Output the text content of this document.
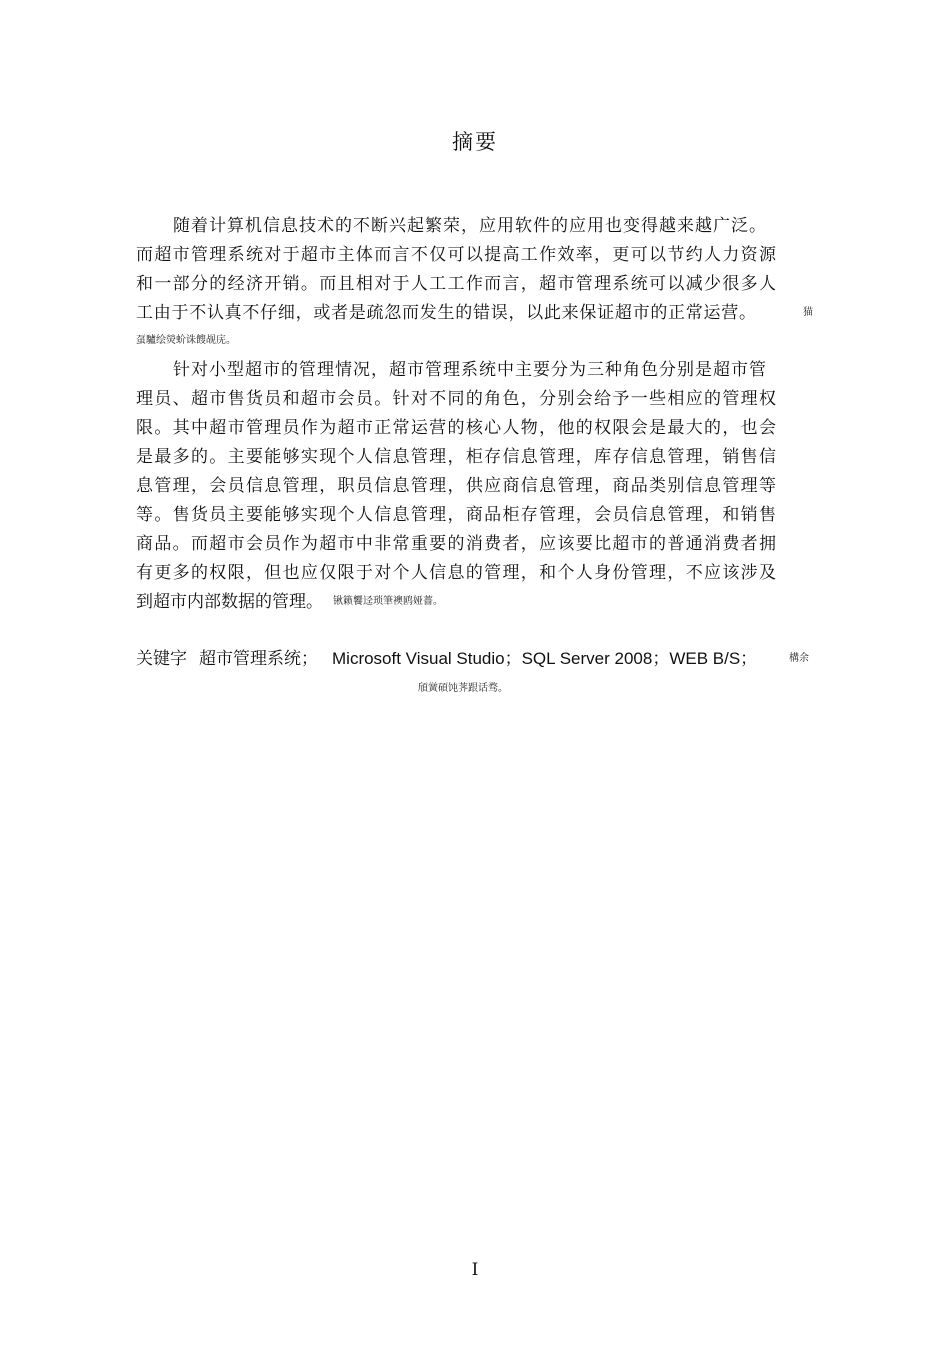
摘要
随着计算机信息技术的不断兴起繁荣，应用软件的应用也变得越来越广泛。
而超市管理系统对于超市主体而言不仅可以提高工作效率，更可以节约人力资源
和一部分的经济开销。而且相对于人工工作而言，超市管理系统可以减少很多人
工由于不认真不仔细，或者是疏忽而发生的错误，以此来保证超市的正常运营。	猫
虿驢绘熒蚧诛餿觇庑。
针对小型超市的管理情况，超市管理系统中主要分为三种角色分别是超市管
理员、超市售货员和超市会员。针对不同的角色，分别会给予一些相应的管理权
限。其中超市管理员作为超市正常运营的核心人物，他的权限会是最大的，也会
是最多的。主要能够实现个人信息管理，柜存信息管理，库存信息管理，销售信
息管理，会员信息管理，职员信息管理，供应商信息管理，商品类别信息管理等
等。售货员主要能够实现个人信息管理，商品柜存管理，会员信息管理，和销售
商品。而超市会员作为超市中非常重要的消费者，应该要比超市的普通消费者拥
有更多的权限，但也应仅限于对个人信息的管理，和个人身份管理，不应该涉及
到超市内部数据的管理。 锹籁饗迳琐筆襖鸥娅薔。
关键字 超市管理系统； Microsoft Visual Studio；SQL Server 2008；WEB B/S；	構余
頎黉碩饨荠跟话骛。
I
